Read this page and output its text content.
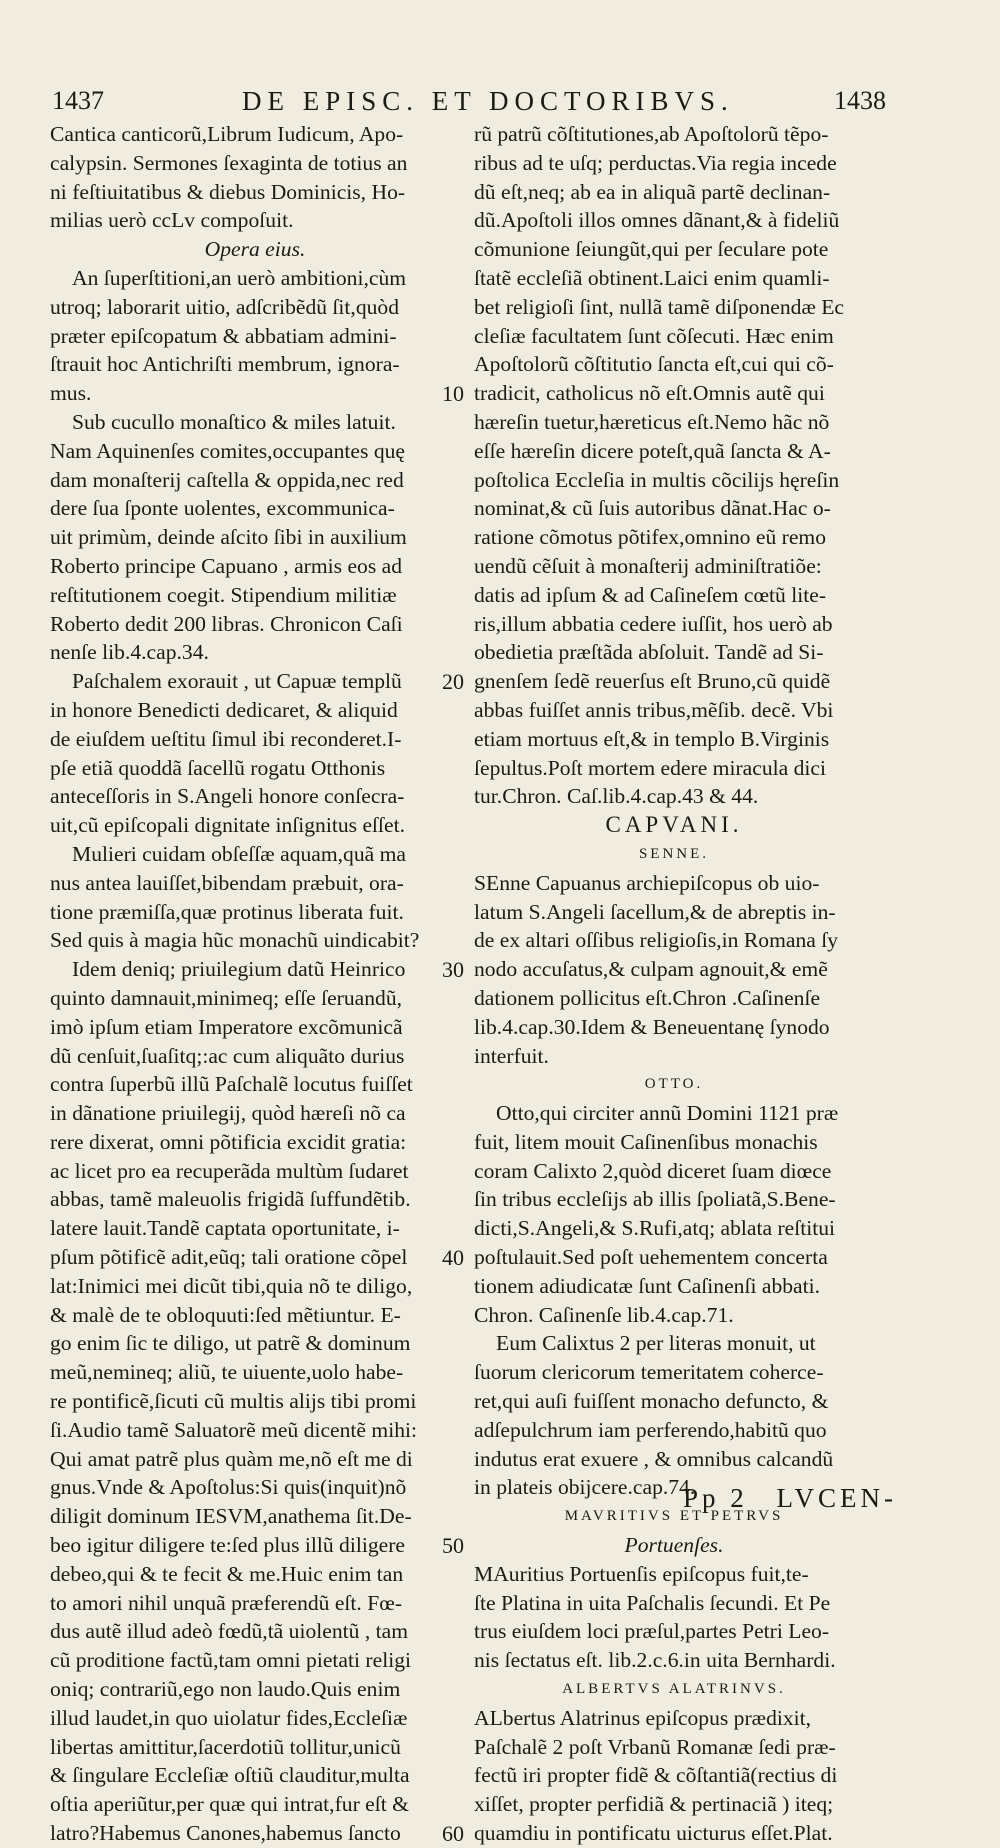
1437	DE EPISC. ET DOCTORIBVS.	1438
Cantica canticorũ,Librum Iudicum, Apo-
calypsin. Sermones ſexaginta de totius an
ni feſtiuitatibus & diebus Dominicis, Ho-
milias uerò ccLv compoſuit.
Opera eius.
An ſuperſtitioni,an uerò ambitioni,cùm
utroq; laborarit uitio, adſcribẽdũ ſit,quòd
præter epiſcopatum & abbatiam admini-
ſtrauit hoc Antichriſti membrum, ignora-
mus.
Sub cucullo monaſtico & miles latuit.
Nam Aquinenſes comites,occupantes quę
dam monaſterij caſtella & oppida,nec red
dere ſua ſponte uolentes, excommunica-
uit primùm, deinde aſcito ſibi in auxilium
Roberto principe Capuano , armis eos ad
reſtitutionem coegit. Stipendium militiæ
Roberto dedit 200 libras. Chronicon Caſi
nenſe lib.4.cap.34.
Paſchalem exorauit , ut Capuæ templũ
in honore Benedicti dedicaret, & aliquid
de eiuſdem ueſtitu ſimul ibi reconderet.I-
pſe etiã quoddã ſacellũ rogatu Otthonis
anteceſſoris in S.Angeli honore conſecra-
uit,cũ epiſcopali dignitate inſignitus eſſet.
Mulieri cuidam obſeſſæ aquam,quã ma
nus antea lauiſſet,bibendam præbuit, ora-
tione præmiſſa,quæ protinus liberata fuit.
Sed quis à magia hũc monachũ uindicabit?
Idem deniq; priuilegium datũ Heinrico
quinto damnauit,minimeq; eſſe ſeruandũ,
imò ipſum etiam Imperatore excõmunicã
dũ cenſuit,ſuaſitq;:ac cum aliquãto durius
contra ſuperbũ illũ Paſchalẽ locutus fuiſſet
in dãnatione priuilegij, quòd hæreſi nõ ca
rere dixerat, omni põtificia excidit gratia:
ac licet pro ea recuperãda multùm ſudaret
abbas, tamẽ maleuolis frigidã ſuffundẽtib.
latere lauit.Tandẽ captata oportunitate, i-
pſum põtificẽ adit,eũq; tali oratione cõpel
lat:Inimici mei dicũt tibi,quia nõ te diligo,
& malè de te obloquuti:ſed mẽtiuntur. E-
go enim ſic te diligo, ut patrẽ & dominum
meũ,nemineq; aliũ, te uiuente,uolo habe-
re pontificẽ,ſicuti cũ multis alijs tibi promi
ſi.Audio tamẽ Saluatorẽ meũ dicentẽ mihi:
Qui amat patrẽ plus quàm me,nõ eſt me di
gnus.Vnde & Apoſtolus:Si quis(inquit)nõ
diligit dominum IESVM,anathema ſit.De-
beo igitur diligere te:ſed plus illũ diligere
debeo,qui & te fecit & me.Huic enim tan
to amori nihil unquã præferendũ eſt. Fœ-
dus autẽ illud adeò fœdũ,tã uiolentũ , tam
cũ proditione factũ,tam omni pietati religi
oniq; contrariũ,ego non laudo.Quis enim
illud laudet,in quo uiolatur fides,Eccleſiæ
libertas amittitur,ſacerdotiũ tollitur,unicũ
& ſingulare Eccleſiæ oſtiũ clauditur,multa
oſtia aperiũtur,per quæ qui intrat,fur eſt &
latro?Habemus Canones,habemus ſancto
rũ patrũ cõſtitutiones,ab Apoſtolorũ tẽpo-
ribus ad te uſq; perductas.Via regia incede
dũ eſt,neq; ab ea in aliquã partẽ declinan-
dũ.Apoſtoli illos omnes dãnant,& à fideliũ
cõmunione ſeiungũt,qui per ſeculare pote
ſtatẽ eccleſiã obtinent.Laici enim quamli-
bet religioſi ſint, nullã tamẽ diſponendæ Ec
cleſiæ facultatem ſunt cõſecuti. Hæc enim
Apoſtolorũ cõſtitutio ſancta eſt,cui qui cõ-
tradicit, catholicus nõ eſt.Omnis autẽ qui
hæreſin tuetur,hæreticus eſt.Nemo hãc nõ
eſſe hæreſin dicere poteſt,quã ſancta & A-
poſtolica Eccleſia in multis cõcilijs hęreſin
nominat,& cũ ſuis autoribus dãnat.Hac o-
ratione cõmotus põtifex,omnino eũ remo
uendũ cẽſuit à monaſterij adminiſtratiõe:
datis ad ipſum & ad Caſineſem cœtũ lite-
ris,illum abbatia cedere iuſſit, hos uerò ab
obedietia præſtãda abſoluit. Tandẽ ad Si-
gnenſem ſedẽ reuerſus eſt Bruno,cũ quidẽ
abbas fuiſſet annis tribus,mẽſib. decẽ. Vbi
etiam mortuus eſt,& in templo B.Virginis
ſepultus.Poſt mortem edere miracula dici
tur.Chron. Caſ.lib.4.cap.43 & 44.
CAPVANI.
SENNE.
SEnne Capuanus archiepiſcopus ob uio-
latum S.Angeli ſacellum,& de abreptis in-
de ex altari oſſibus religioſis,in Romana ſy
nodo accuſatus,& culpam agnouit,& emẽ
dationem pollicitus eſt.Chron .Caſinenſe
lib.4.cap.30.Idem & Beneuentanę ſynodo
interfuit.
OTTO.
Otto,qui circiter annũ Domini 1121 præ
fuit, litem mouit Caſinenſibus monachis
coram Calixto 2,quòd diceret ſuam diœce
ſin tribus eccleſijs ab illis ſpoliatã,S.Bene-
dicti,S.Angeli,& S.Rufi,atq; ablata reſtitui
poſtulauit.Sed poſt uehementem concerta
tionem adiudicatæ ſunt Caſinenſi abbati.
Chron. Caſinenſe lib.4.cap.71.
Eum Calixtus 2 per literas monuit, ut
ſuorum clericorum temeritatem coherce-
ret,qui auſi fuiſſent monacho defuncto, &
adſepulchrum iam perferendo,habitũ quo
indutus erat exuere , & omnibus calcandũ
in plateis obijcere.cap.74.
MAVRITIVS ET PETRVS
Portuenſes.
MAuritius Portuenſis epiſcopus fuit,te-
ſte Platina in uita Paſchalis ſecundi. Et Pe
trus eiuſdem loci præſul,partes Petri Leo-
nis ſectatus eſt. lib.2.c.6.in uita Bernhardi.
ALBERTVS ALATRINVS.
ALbertus Alatrinus epiſcopus prædixit,
Paſchalẽ 2 poſt Vrbanũ Romanæ ſedi præ-
fectũ iri propter fidẽ & cõſtantiã(rectius di
xiſſet, propter perfidiã & pertinaciã ) iteq;
quamdiu in pontificatu uicturus eſſet.Plat.
10
20
30
40
50
60
Pp 2 LVCEN-
